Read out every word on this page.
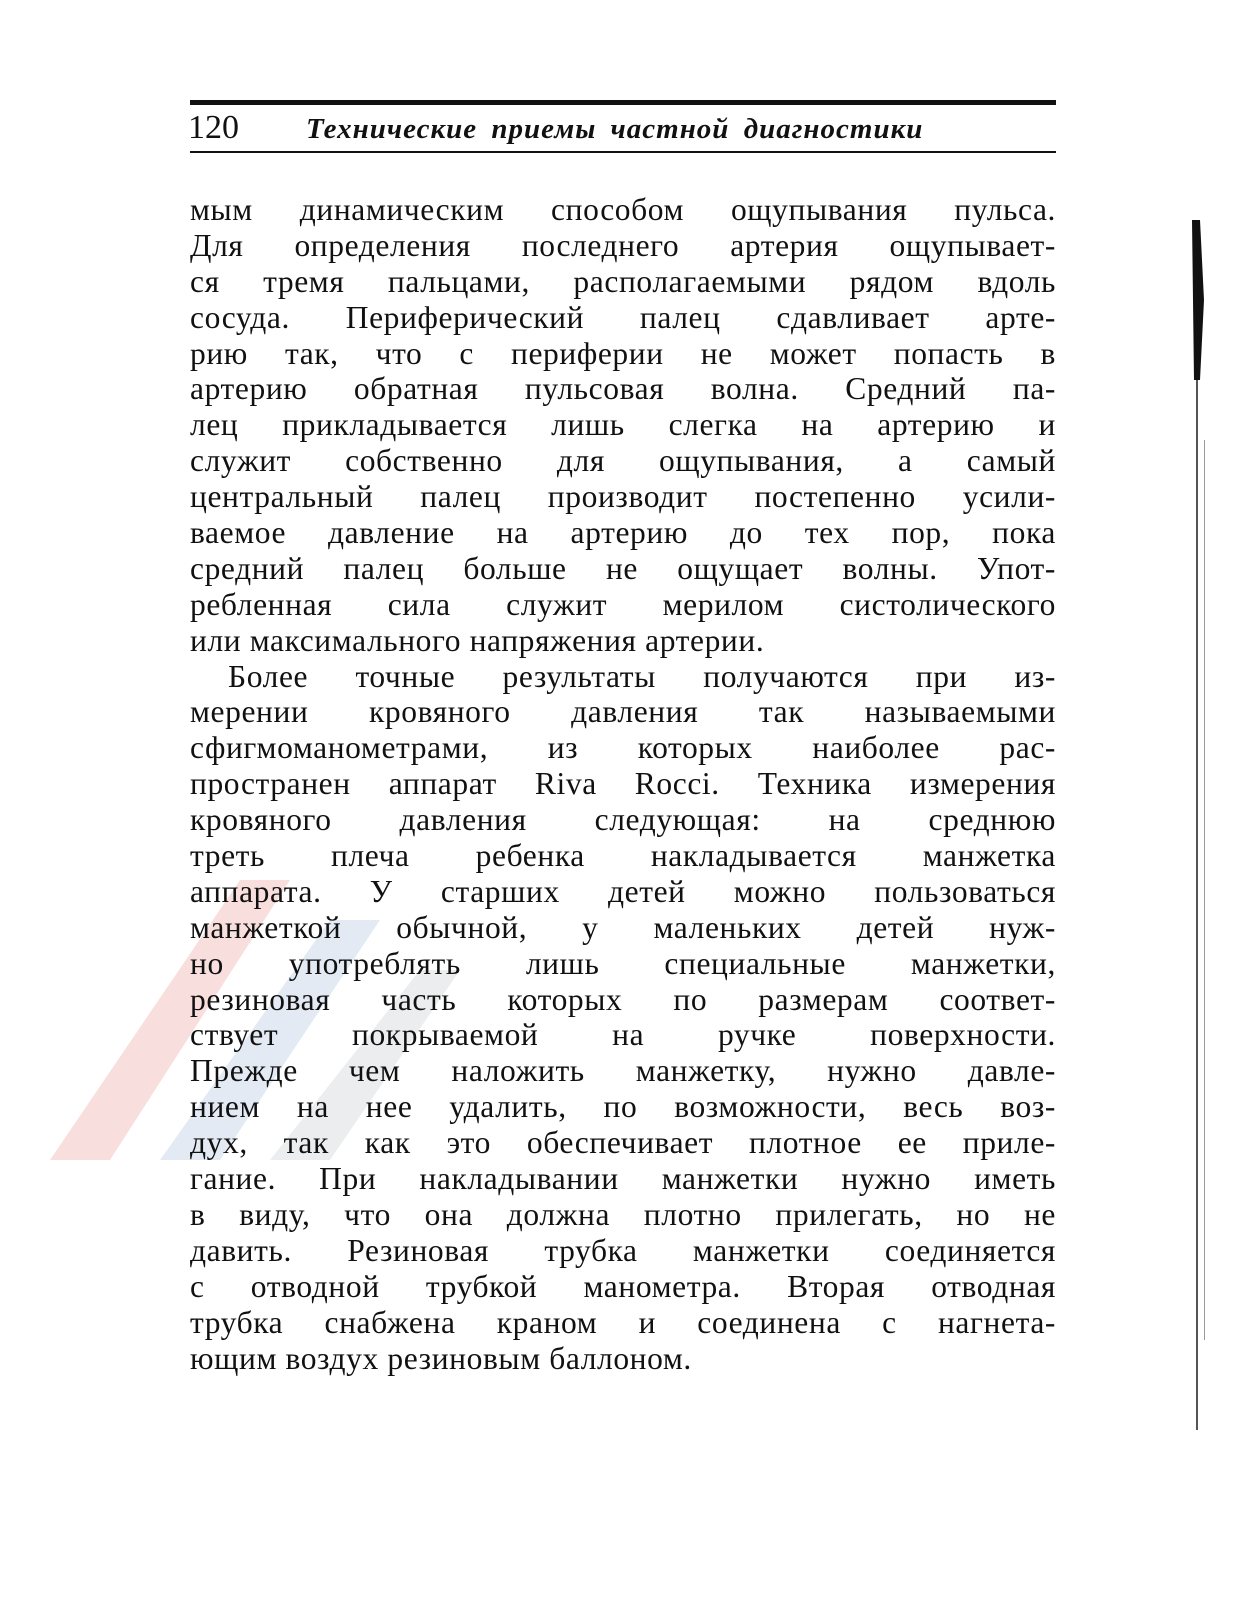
120 Технические приемы частной диагностики
мым динамическим способом ощупывания пульса.
Для определения последнего артерия ощупывает-
ся тремя пальцами, располагаемыми рядом вдоль
сосуда. Периферический палец сдавливает арте-
рию так, что с периферии не может попасть в
артерию обратная пульсовая волна. Средний па-
лец прикладывается лишь слегка на артерию и
служит собственно для ощупывания, а самый
центральный палец производит постепенно усили-
ваемое давление на артерию до тех пор, пока
средний палец больше не ощущает волны. Упот-
ребленная сила служит мерилом систолического
или максимального напряжения артерии.
Более точные результаты получаются при из-
мерении кровяного давления так называемыми
сфигмоманометрами, из которых наиболее рас-
пространен аппарат Riva Rocci. Техника измерения
кровяного давления следующая: на среднюю
треть плеча ребенка накладывается манжетка
аппарата. У старших детей можно пользоваться
манжеткой обычной, у маленьких детей нуж-
но употреблять лишь специальные манжетки,
резиновая часть которых по размерам соответ-
ствует покрываемой на ручке поверхности.
Прежде чем наложить манжетку, нужно давле-
нием на нее удалить, по возможности, весь воз-
дух, так как это обеспечивает плотное ее приле-
гание. При накладывании манжетки нужно иметь
в виду, что она должна плотно прилегать, но не
давить. Резиновая трубка манжетки соединяется
с отводной трубкой манометра. Вторая отводная
трубка снабжена краном и соединена с нагнета-
ющим воздух резиновым баллоном.
